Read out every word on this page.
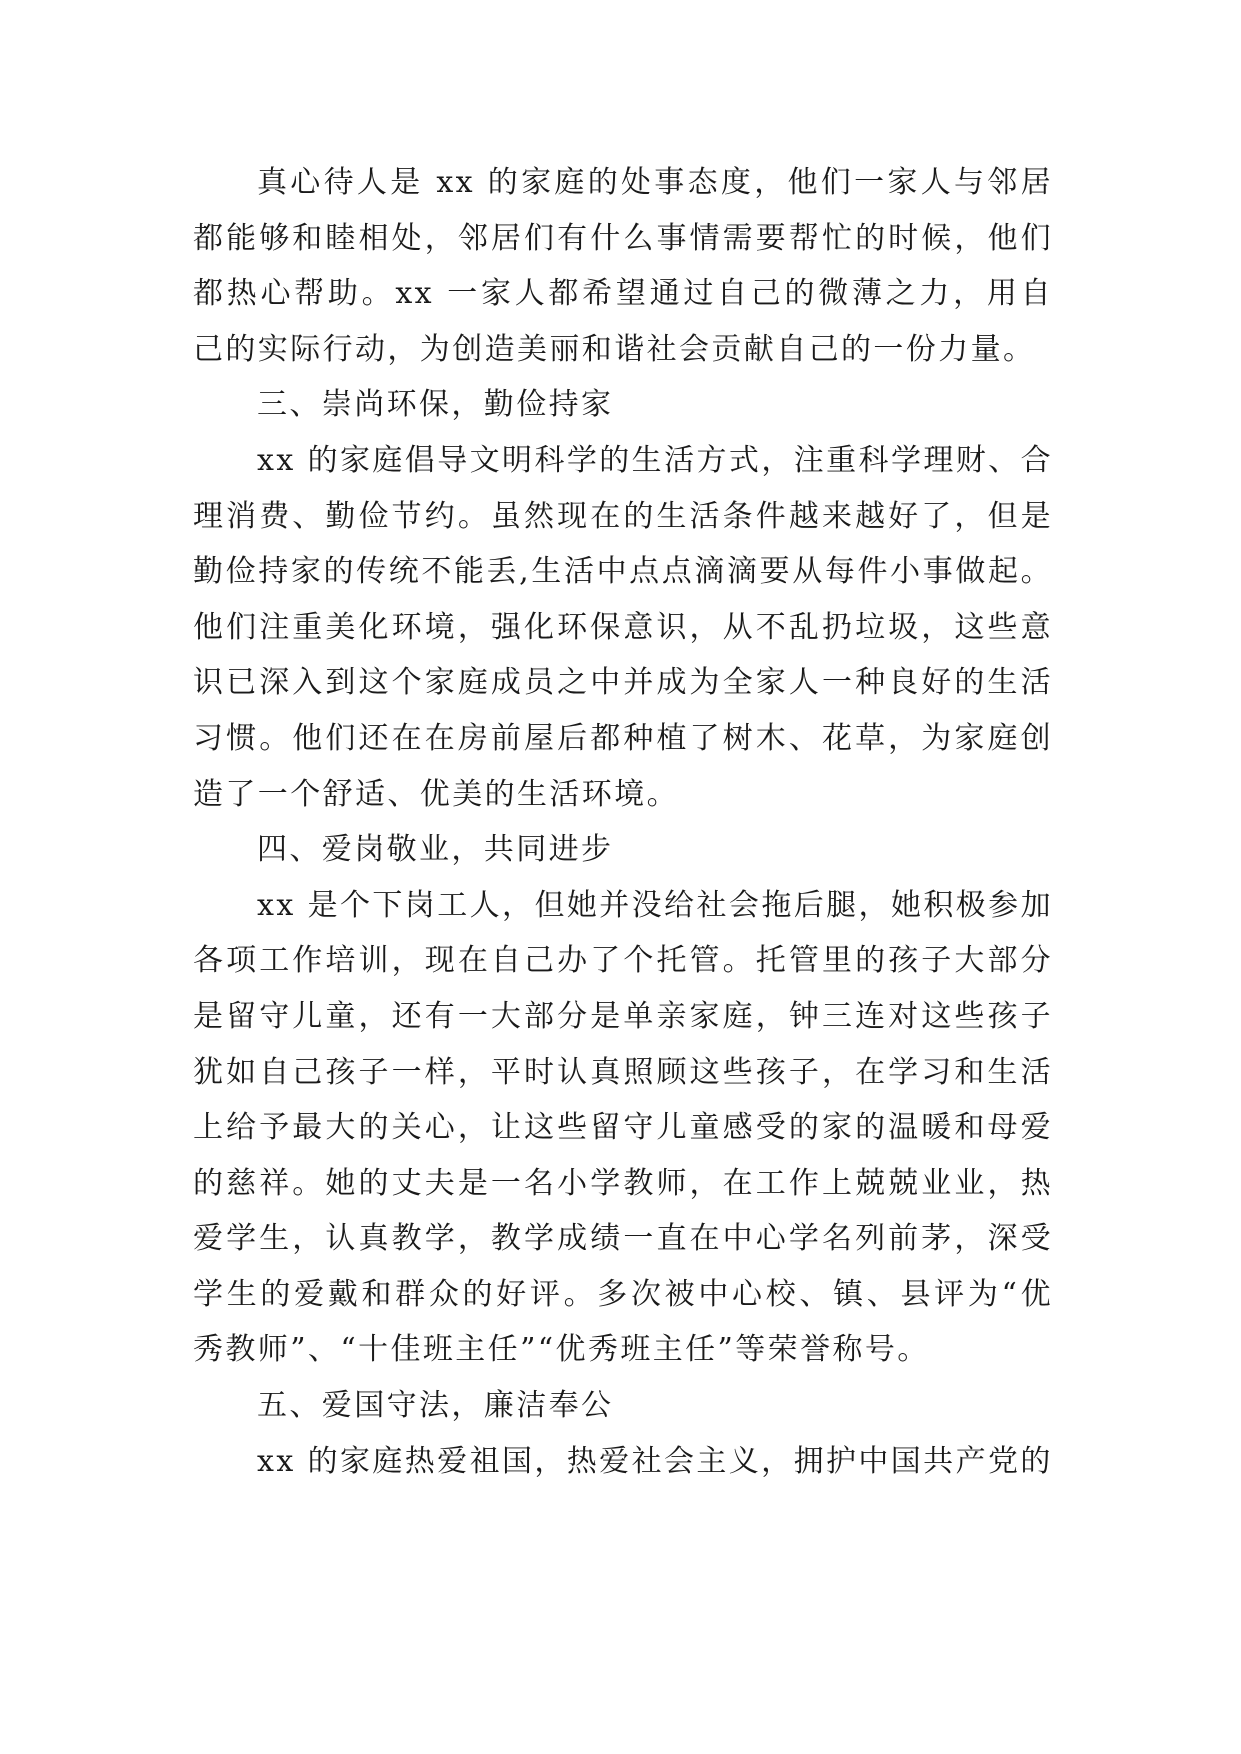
真心待人是 xx 的家庭的处事态度，他们一家人与邻居都能够和睦相处，邻居们有什么事情需要帮忙的时候，他们都热心帮助。xx 一家人都希望通过自己的微薄之力，用自己的实际行动，为创造美丽和谐社会贡献自己的一份力量。

三、崇尚环保，勤俭持家

xx 的家庭倡导文明科学的生活方式，注重科学理财、合理消费、勤俭节约。虽然现在的生活条件越来越好了，但是勤俭持家的传统不能丢,生活中点点滴滴要从每件小事做起。他们注重美化环境，强化环保意识，从不乱扔垃圾，这些意识已深入到这个家庭成员之中并成为全家人一种良好的生活习惯。他们还在在房前屋后都种植了树木、花草，为家庭创造了一个舒适、优美的生活环境。

四、爱岗敬业，共同进步

xx 是个下岗工人，但她并没给社会拖后腿，她积极参加各项工作培训，现在自己办了个托管。托管里的孩子大部分是留守儿童，还有一大部分是单亲家庭，钟三连对这些孩子犹如自己孩子一样，平时认真照顾这些孩子，在学习和生活上给予最大的关心，让这些留守儿童感受的家的温暖和母爱的慈祥。她的丈夫是一名小学教师，在工作上兢兢业业，热爱学生，认真教学，教学成绩一直在中心学名列前茅，深受学生的爱戴和群众的好评。多次被中心校、镇、县评为“优秀教师”、“十佳班主任”“优秀班主任”等荣誉称号。

五、爱国守法，廉洁奉公

xx 的家庭热爱祖国，热爱社会主义，拥护中国共产党的
